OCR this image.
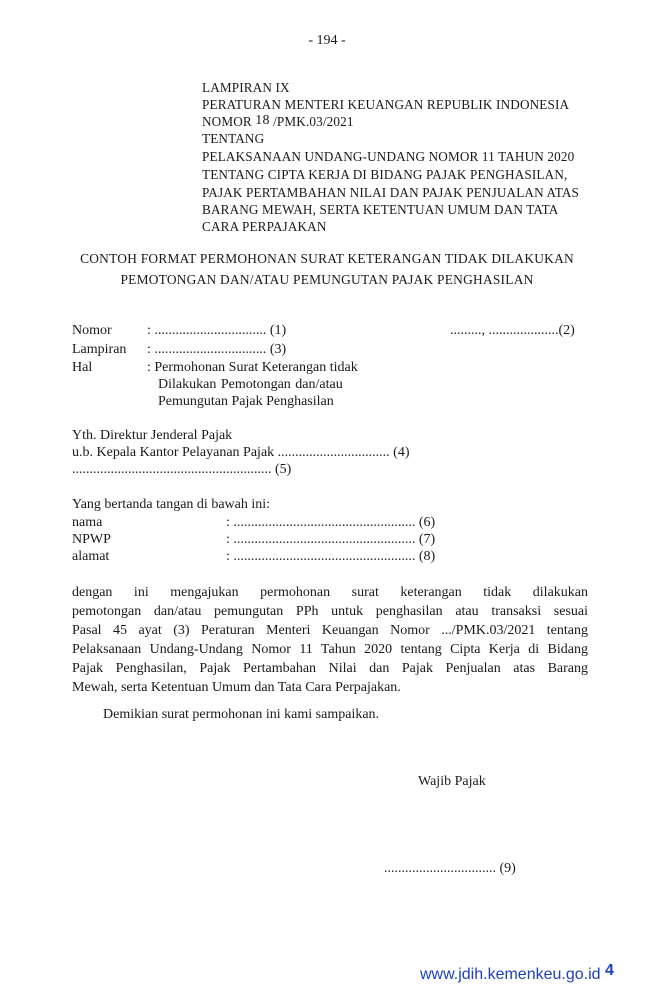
- 194 -
LAMPIRAN IX
PERATURAN MENTERI KEUANGAN REPUBLIK INDONESIA
NOMOR 18 /PMK.03/2021
TENTANG
PELAKSANAAN UNDANG-UNDANG NOMOR 11 TAHUN 2020
TENTANG CIPTA KERJA DI BIDANG PAJAK PENGHASILAN,
PAJAK PERTAMBAHAN NILAI DAN PAJAK PENJUALAN ATAS
BARANG MEWAH, SERTA KETENTUAN UMUM DAN TATA
CARA PERPAJAKAN
CONTOH FORMAT PERMOHONAN SURAT KETERANGAN TIDAK DILAKUKAN
PEMOTONGAN DAN/ATAU PEMUNGUTAN PAJAK PENGHASILAN
Nomor	: ................................ (1)	........., ....................(2)
Lampiran : ................................ (3)
Hal	: Permohonan Surat Keterangan tidak
Dilakukan Pemotongan dan/atau
Pemungutan Pajak Penghasilan
Yth. Direktur Jenderal Pajak
u.b. Kepala Kantor Pelayanan Pajak ................................ (4)
......................................................... (5)
Yang bertanda tangan di bawah ini:
nama	: .................................................... (6)
NPWP	: .................................................... (7)
alamat	: .................................................... (8)
dengan ini mengajukan permohonan surat keterangan tidak dilakukan
pemotongan dan/atau pemungutan PPh untuk penghasilan atau transaksi sesuai
Pasal 45 ayat (3) Peraturan Menteri Keuangan Nomor .../PMK.03/2021 tentang
Pelaksanaan Undang-Undang Nomor 11 Tahun 2020 tentang Cipta Kerja di Bidang
Pajak Penghasilan, Pajak Pertambahan Nilai dan Pajak Penjualan atas Barang
Mewah, serta Ketentuan Umum dan Tata Cara Perpajakan.
Demikian surat permohonan ini kami sampaikan.
Wajib Pajak
................................ (9)
www.jdih.kemenkeu.go.id 4
